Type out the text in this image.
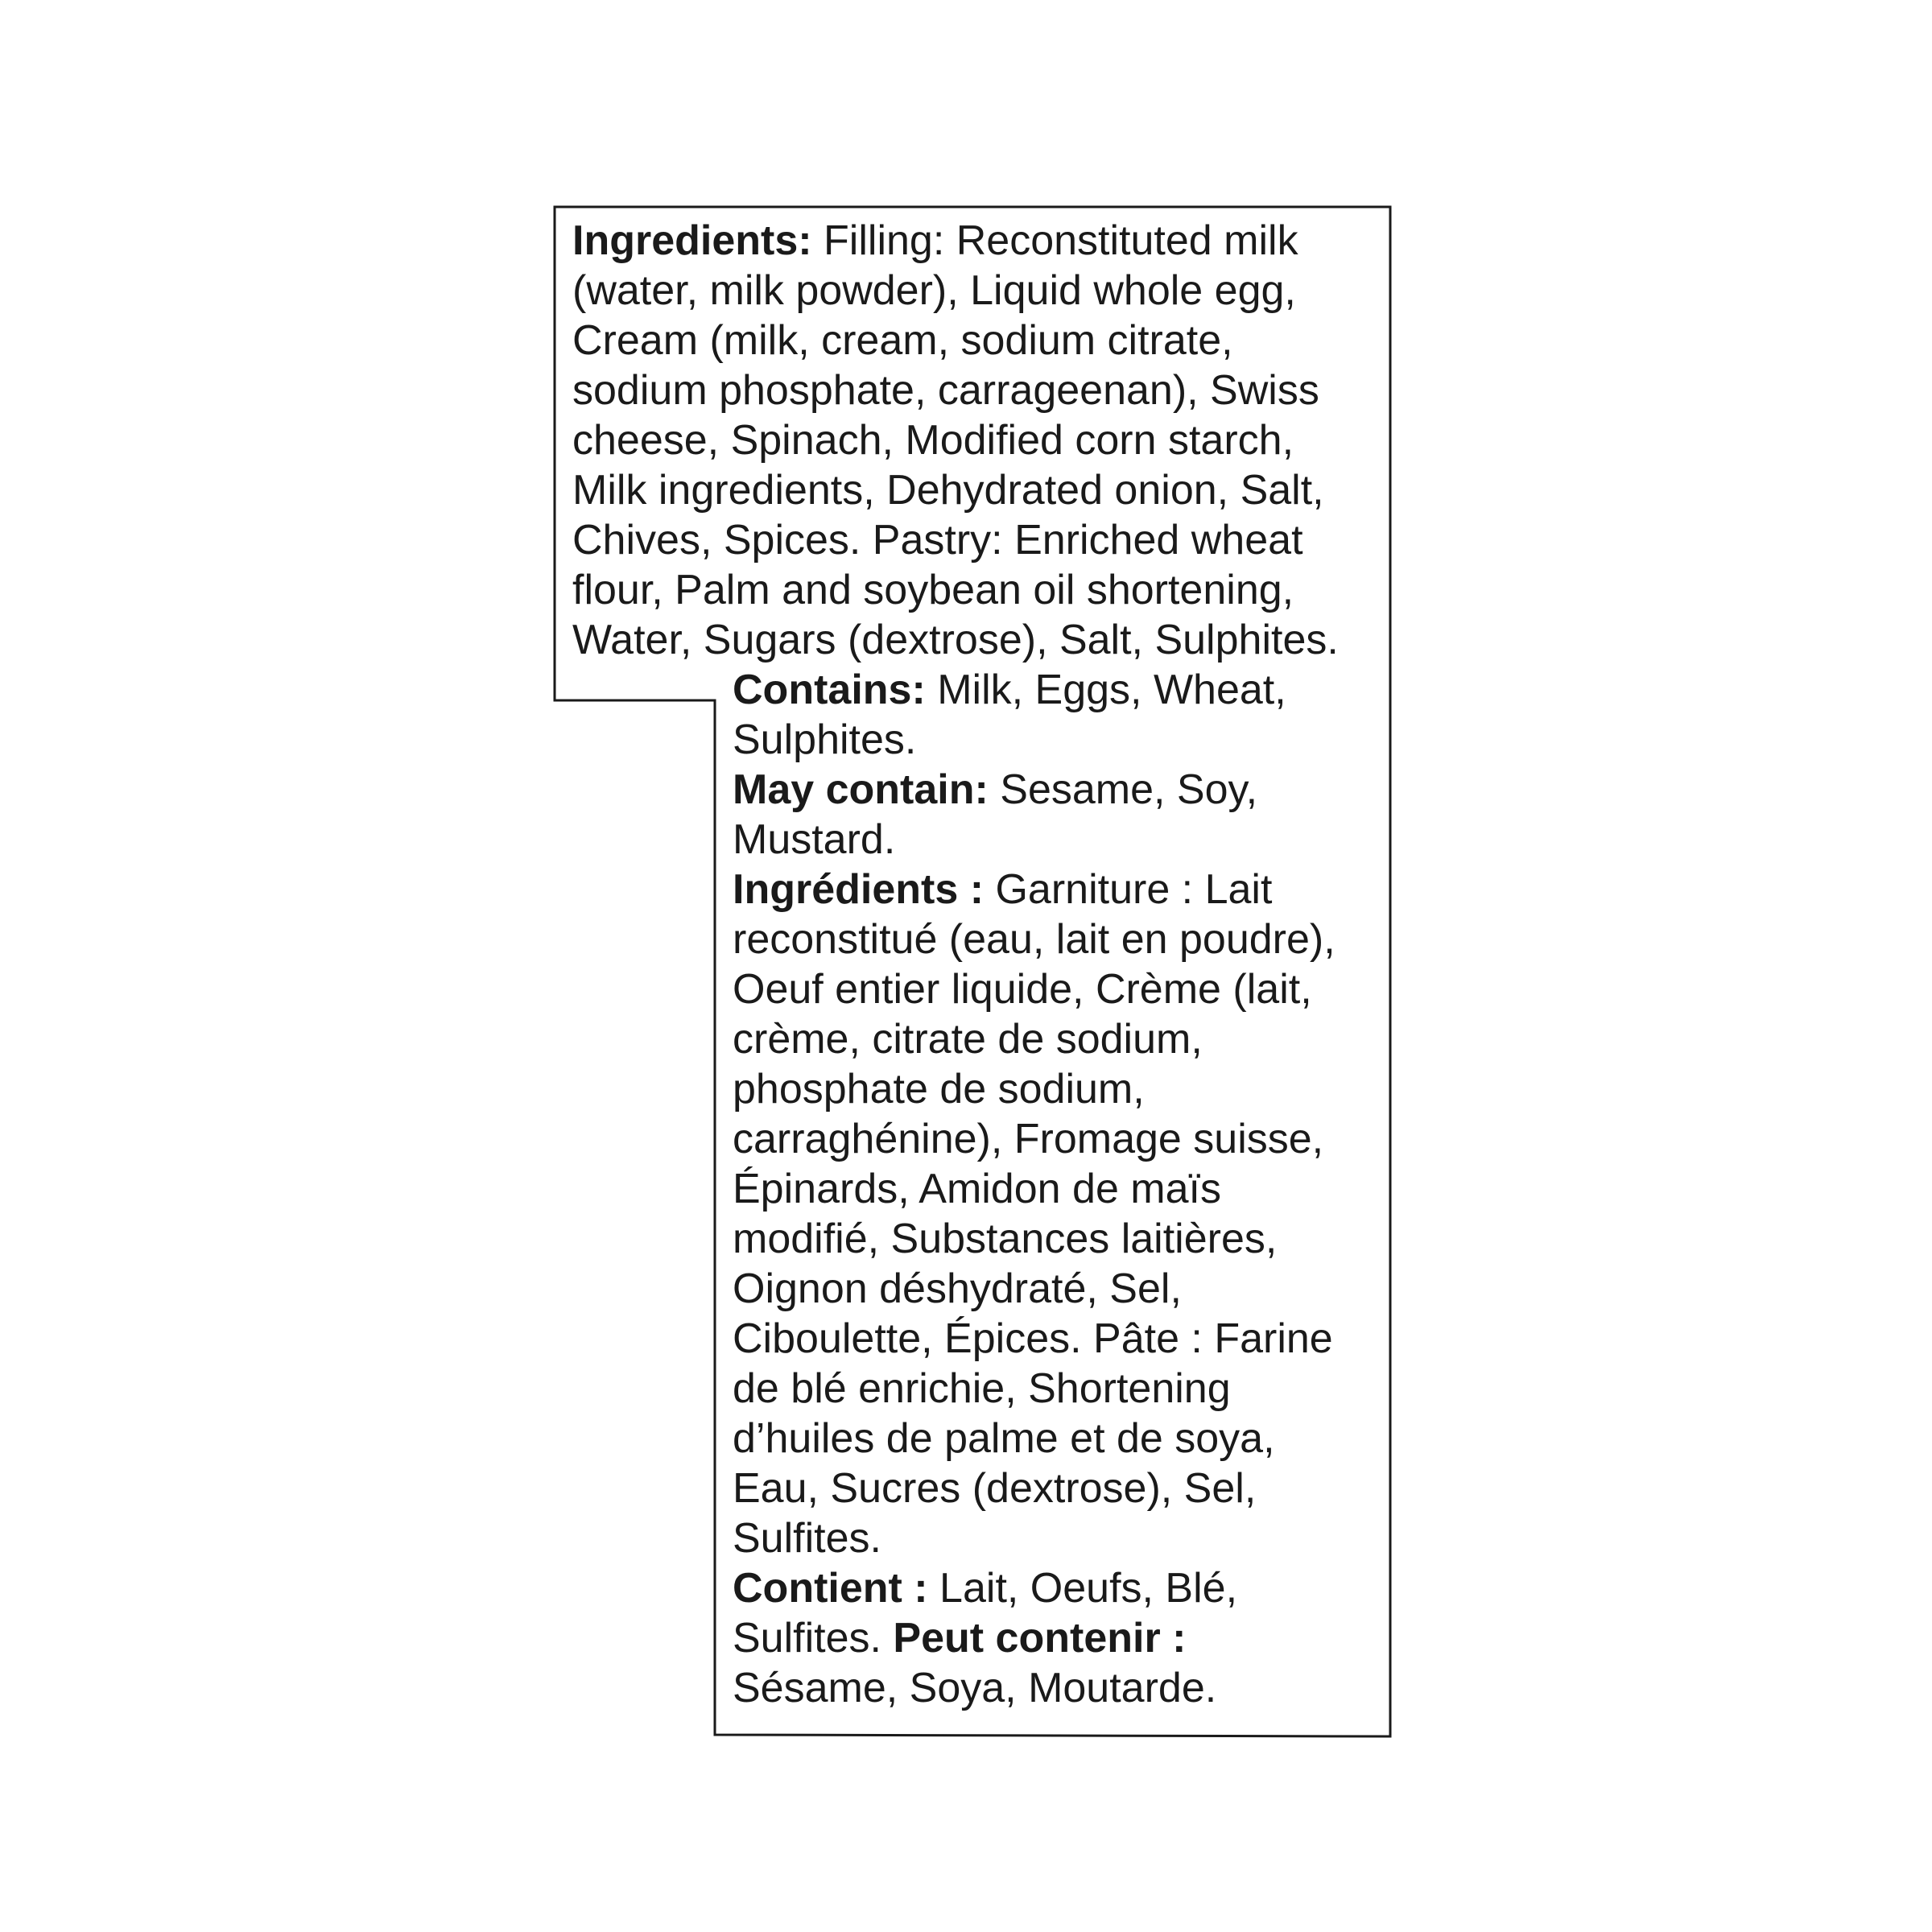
Ingredients: Filling: Reconstituted milk
(water, milk powder), Liquid whole egg,
Cream (milk, cream, sodium citrate,
sodium phosphate, carrageenan), Swiss
cheese, Spinach, Modified corn starch,
Milk ingredients, Dehydrated onion, Salt,
Chives, Spices. Pastry: Enriched wheat
flour, Palm and soybean oil shortening,
Water, Sugars (dextrose), Salt, Sulphites.
Contains: Milk, Eggs, Wheat,
Sulphites.
May contain: Sesame, Soy,
Mustard.
Ingrédients : Garniture : Lait
reconstitué (eau, lait en poudre),
Oeuf entier liquide, Crème (lait,
crème, citrate de sodium,
phosphate de sodium,
carraghénine), Fromage suisse,
Épinards, Amidon de maïs
modifié, Substances laitières,
Oignon déshydraté, Sel,
Ciboulette, Épices. Pâte : Farine
de blé enrichie, Shortening
d’huiles de palme et de soya,
Eau, Sucres (dextrose), Sel,
Sulfites.
Contient : Lait, Oeufs, Blé,
Sulfites. Peut contenir :
Sésame, Soya, Moutarde.
